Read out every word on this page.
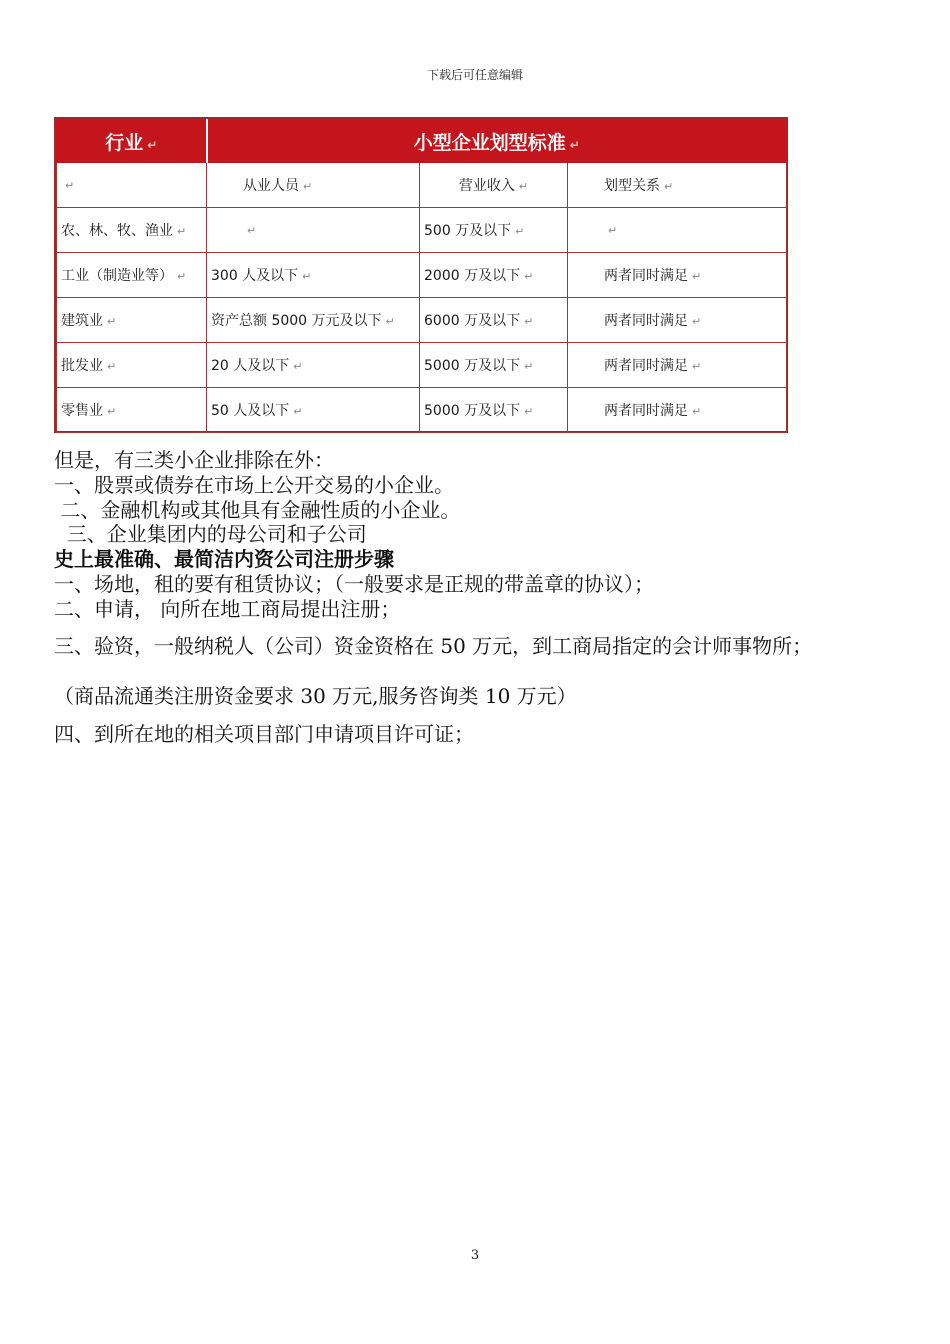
下载后可任意编辑
行业 ↵	小型企业划型标准 ↵		
↵	从业人员 ↵	营业收入 ↵	划型关系 ↵
农、林、牧、渔业 ↵	↵	500 万及以下 ↵	↵
工业（制造业等） ↵	300 人及以下 ↵	2000 万及以下 ↵	两者同时满足 ↵
建筑业 ↵	资产总额 5000 万元及以下 ↵	6000 万及以下 ↵	两者同时满足 ↵
批发业 ↵	20 人及以下 ↵	5000 万及以下 ↵	两者同时满足 ↵
零售业 ↵	50 人及以下 ↵	5000 万及以下 ↵	两者同时满足 ↵
但是，有三类小企业排除在外：
一、股票或债券在市场上公开交易的小企业。
二、金融机构或其他具有金融性质的小企业。
三、企业集团内的母公司和子公司
史上最准确、最简洁内资公司注册步骤
一、场地，租的要有租赁协议；（一般要求是正规的带盖章的协议）；
二、申请， 向所在地工商局提出注册；
三、验资，一般纳税人（公司）资金资格在 50 万元，到工商局指定的会计师事物所；
（商品流通类注册资金要求 30 万元,服务咨询类 10 万元）
四、到所在地的相关项目部门申请项目许可证；
3
